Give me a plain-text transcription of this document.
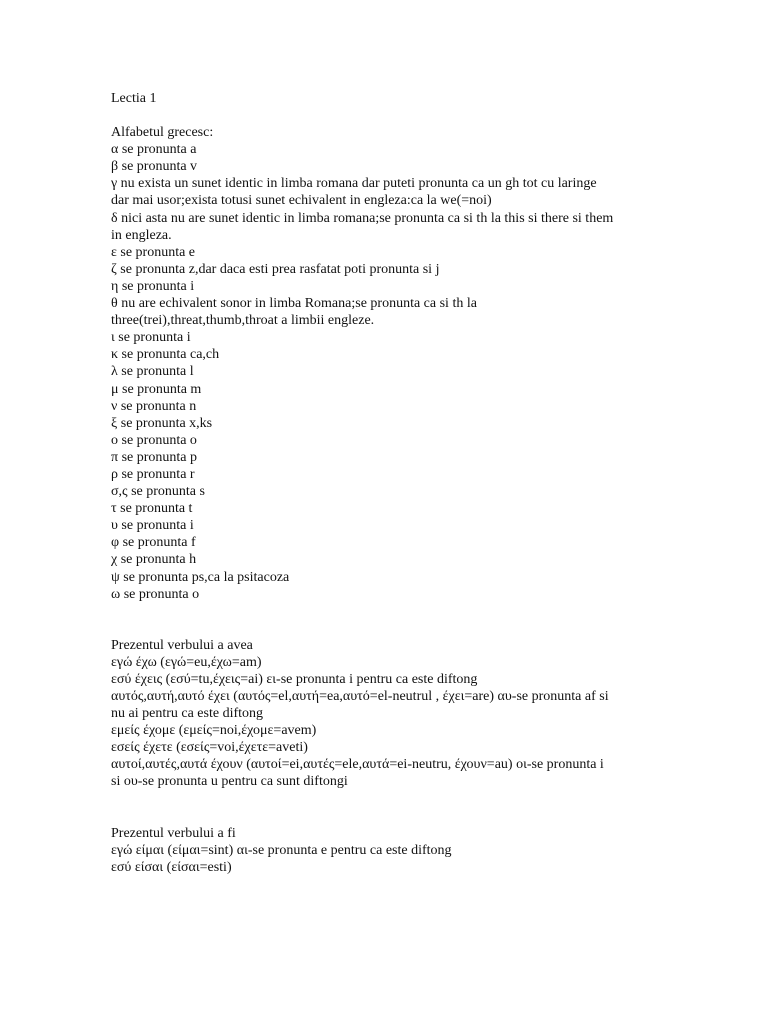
Lectia 1
Alfabetul grecesc:
α se pronunta a
β se pronunta v
γ nu exista un sunet identic in limba romana dar puteti pronunta ca un gh tot cu laringe
dar mai usor;exista totusi sunet echivalent in engleza:ca la we(=noi)
δ nici asta nu are sunet identic in limba romana;se pronunta ca si th la this si there si them
in engleza.
ε se pronunta e
ζ se pronunta z,dar daca esti prea rasfatat poti pronunta si j
η se pronunta i
θ nu are echivalent sonor in limba Romana;se pronunta ca si th la
three(trei),threat,thumb,throat a limbii engleze.
ι se pronunta i
κ se pronunta ca,ch
λ se pronunta l
μ se pronunta m
ν se pronunta n
ξ se pronunta x,ks
ο se pronunta o
π se pronunta p
ρ se pronunta r
σ,ς se pronunta s
τ se pronunta t
υ se pronunta i
φ se pronunta f
χ se pronunta h
ψ se pronunta ps,ca la psitacoza
ω se pronunta o
Prezentul verbului a avea
εγώ έχω (εγώ=eu,έχω=am)
εσύ έχεις (εσύ=tu,έχεις=ai) ει-se pronunta i pentru ca este diftong
αυτός,αυτή,αυτό έχει (αυτός=el,αυτή=ea,αυτό=el-neutrul , έχει=are) αυ-se pronunta af si
nu ai pentru ca este diftong
εμείς έχομε (εμείς=noi,έχομε=avem)
εσείς έχετε (εσείς=voi,έχετε=aveti)
αυτοί,αυτές,αυτά έχουν (αυτοί=ei,αυτές=ele,αυτά=ei-neutru, έχουν=au) οι-se pronunta i
si ου-se pronunta u pentru ca sunt diftongi
Prezentul verbului a fi
εγώ είμαι (είμαι=sint) αι-se pronunta e pentru ca este diftong
εσύ είσαι (είσαι=esti)
